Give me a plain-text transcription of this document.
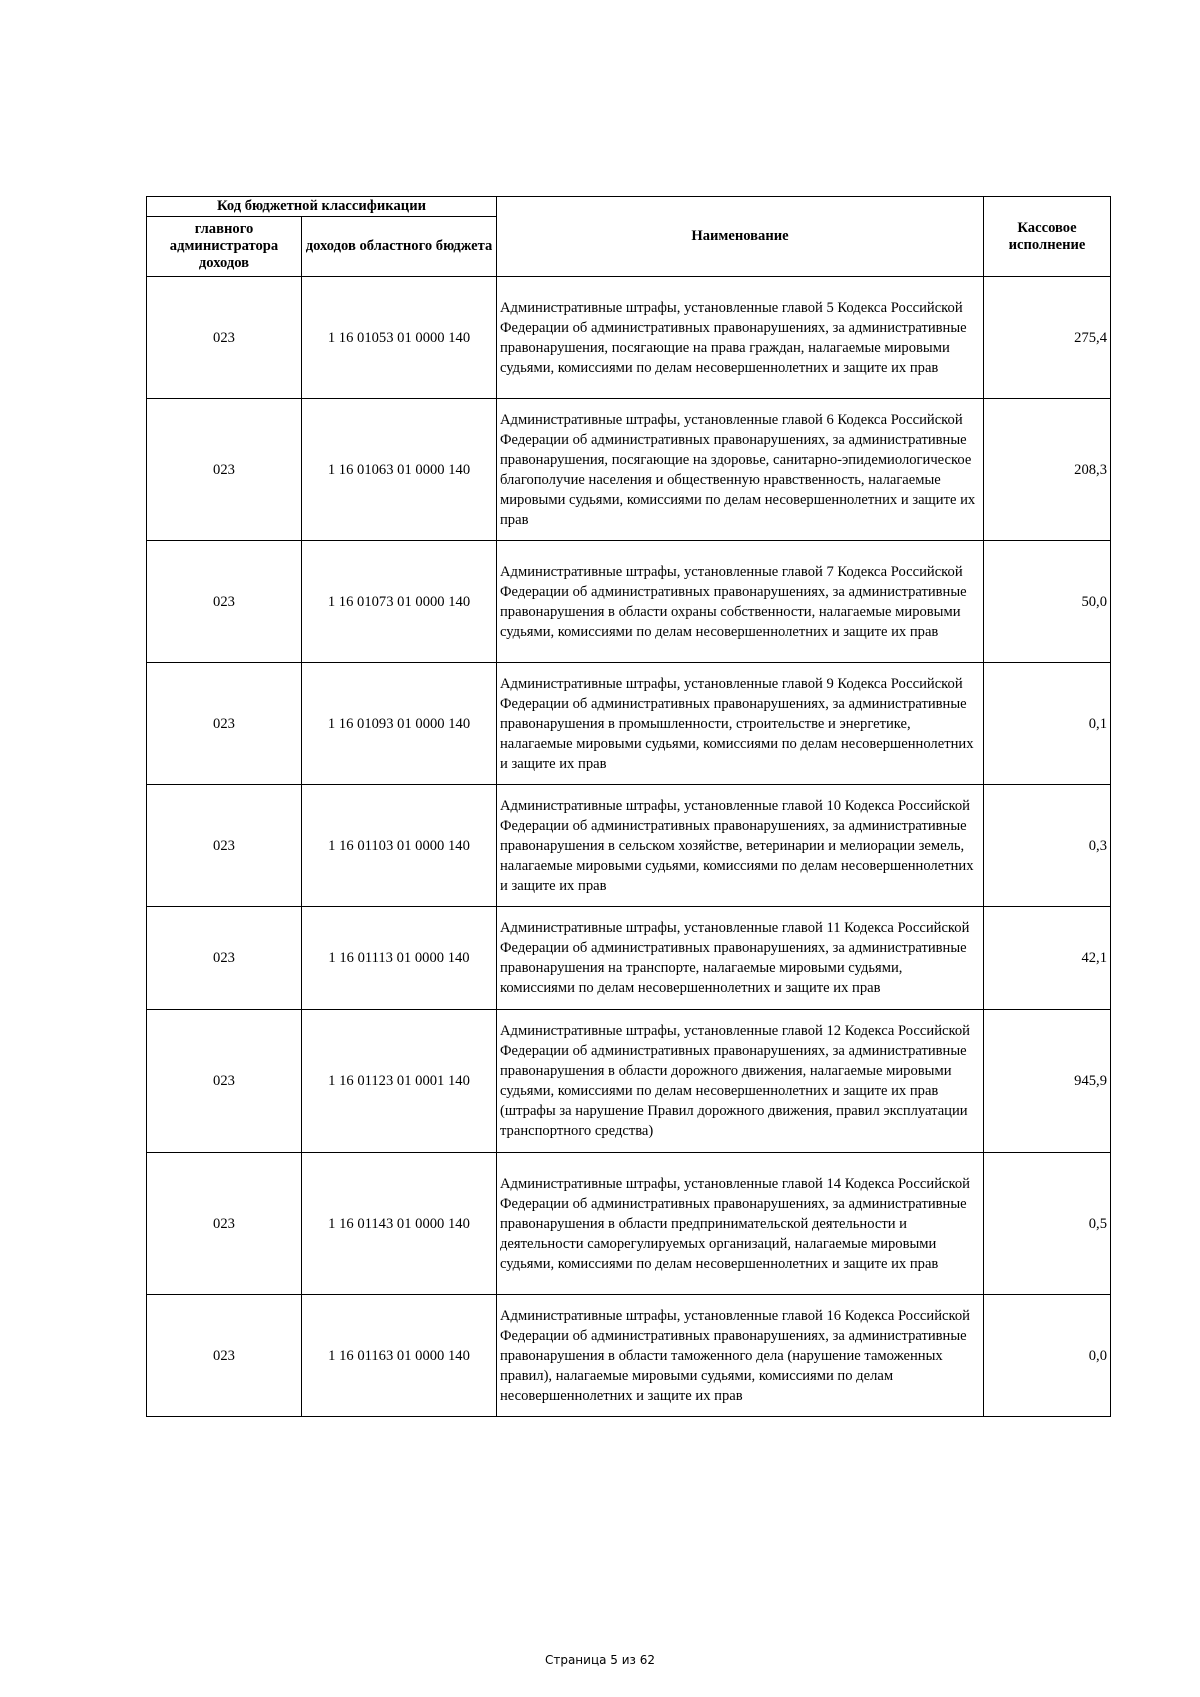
Код бюджетной классификации		Наименование	Кассовое исполнение
главного администратора доходов	доходов областного бюджета		
023	1 16 01053 01 0000 140	Административные штрафы, установленные главой 5 Кодекса Российской Федерации об административных правонарушениях, за административные правонарушения, посягающие на права граждан, налагаемые мировыми судьями, комиссиями по делам несовершеннолетних и защите их прав	275,4
023	1 16 01063 01 0000 140	Административные штрафы, установленные главой 6 Кодекса Российской Федерации об административных правонарушениях, за административные правонарушения, посягающие на здоровье, санитарно-эпидемиологическое благополучие населения и общественную нравственность, налагаемые мировыми судьями, комиссиями по делам несовершеннолетних и защите их прав	208,3
023	1 16 01073 01 0000 140	Административные штрафы, установленные главой 7 Кодекса Российской Федерации об административных правонарушениях, за административные правонарушения в области охраны собственности, налагаемые мировыми судьями, комиссиями по делам несовершеннолетних и защите их прав	50,0
023	1 16 01093 01 0000 140	Административные штрафы, установленные главой 9 Кодекса Российской Федерации об административных правонарушениях, за административные правонарушения в промышленности, строительстве и энергетике, налагаемые мировыми судьями, комиссиями по делам несовершеннолетних и защите их прав	0,1
023	1 16 01103 01 0000 140	Административные штрафы, установленные главой 10 Кодекса Российской Федерации об административных правонарушениях, за административные правонарушения в сельском хозяйстве, ветеринарии и мелиорации земель, налагаемые мировыми судьями, комиссиями по делам несовершеннолетних и защите их прав	0,3
023	1 16 01113 01 0000 140	Административные штрафы, установленные главой 11 Кодекса Российской Федерации об административных правонарушениях, за административные правонарушения на транспорте, налагаемые мировыми судьями, комиссиями по делам несовершеннолетних и защите их прав	42,1
023	1 16 01123 01 0001 140	Административные штрафы, установленные главой 12 Кодекса Российской Федерации об административных правонарушениях, за административные правонарушения в области дорожного движения, налагаемые мировыми судьями, комиссиями по делам несовершеннолетних и защите их прав (штрафы за нарушение Правил дорожного движения, правил эксплуатации транспортного средства)	945,9
023	1 16 01143 01 0000 140	Административные штрафы, установленные главой 14 Кодекса Российской Федерации об административных правонарушениях, за административные правонарушения в области предпринимательской деятельности и деятельности саморегулируемых организаций, налагаемые мировыми судьями, комиссиями по делам несовершеннолетних и защите их прав	0,5
023	1 16 01163 01 0000 140	Административные штрафы, установленные главой 16 Кодекса Российской Федерации об административных правонарушениях, за административные правонарушения в области таможенного дела (нарушение таможенных правил), налагаемые мировыми судьями, комиссиями по делам несовершеннолетних и защите их прав	0,0
Страница 5 из 62
